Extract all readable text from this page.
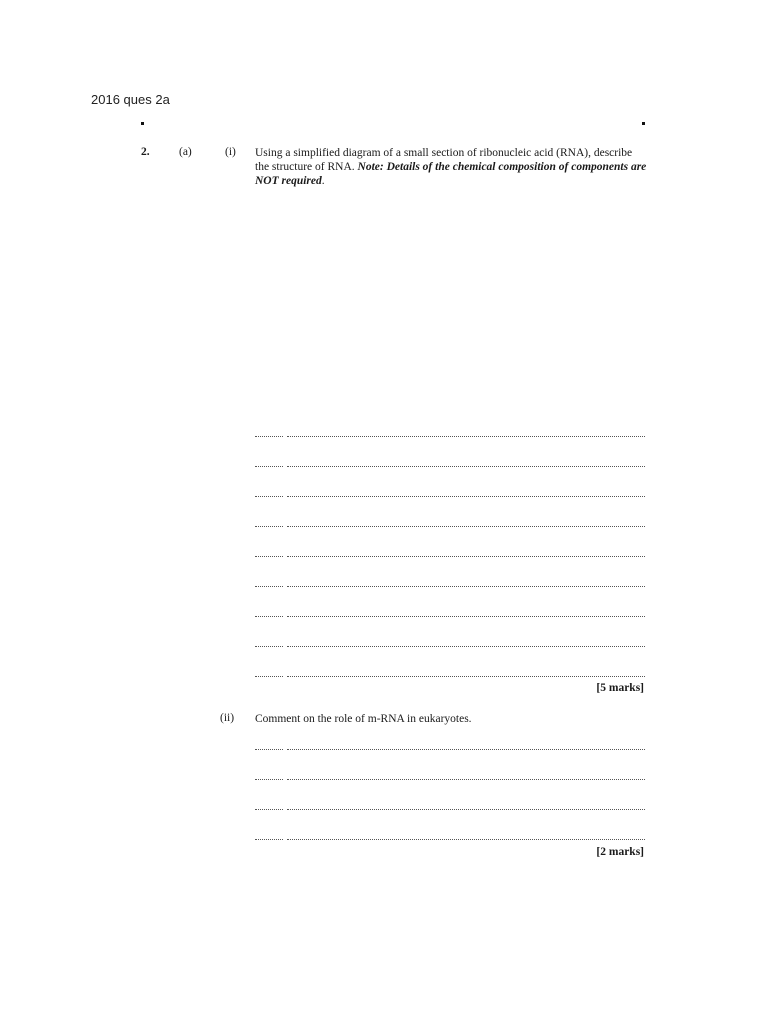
2016 ques 2a
2.	(a)	(i) Using a simplified diagram of a small section of ribonucleic acid (RNA), describe the structure of RNA. Note: Details of the chemical composition of components are NOT required.
[5 marks]
(ii) Comment on the role of m-RNA in eukaryotes.
[2 marks]
